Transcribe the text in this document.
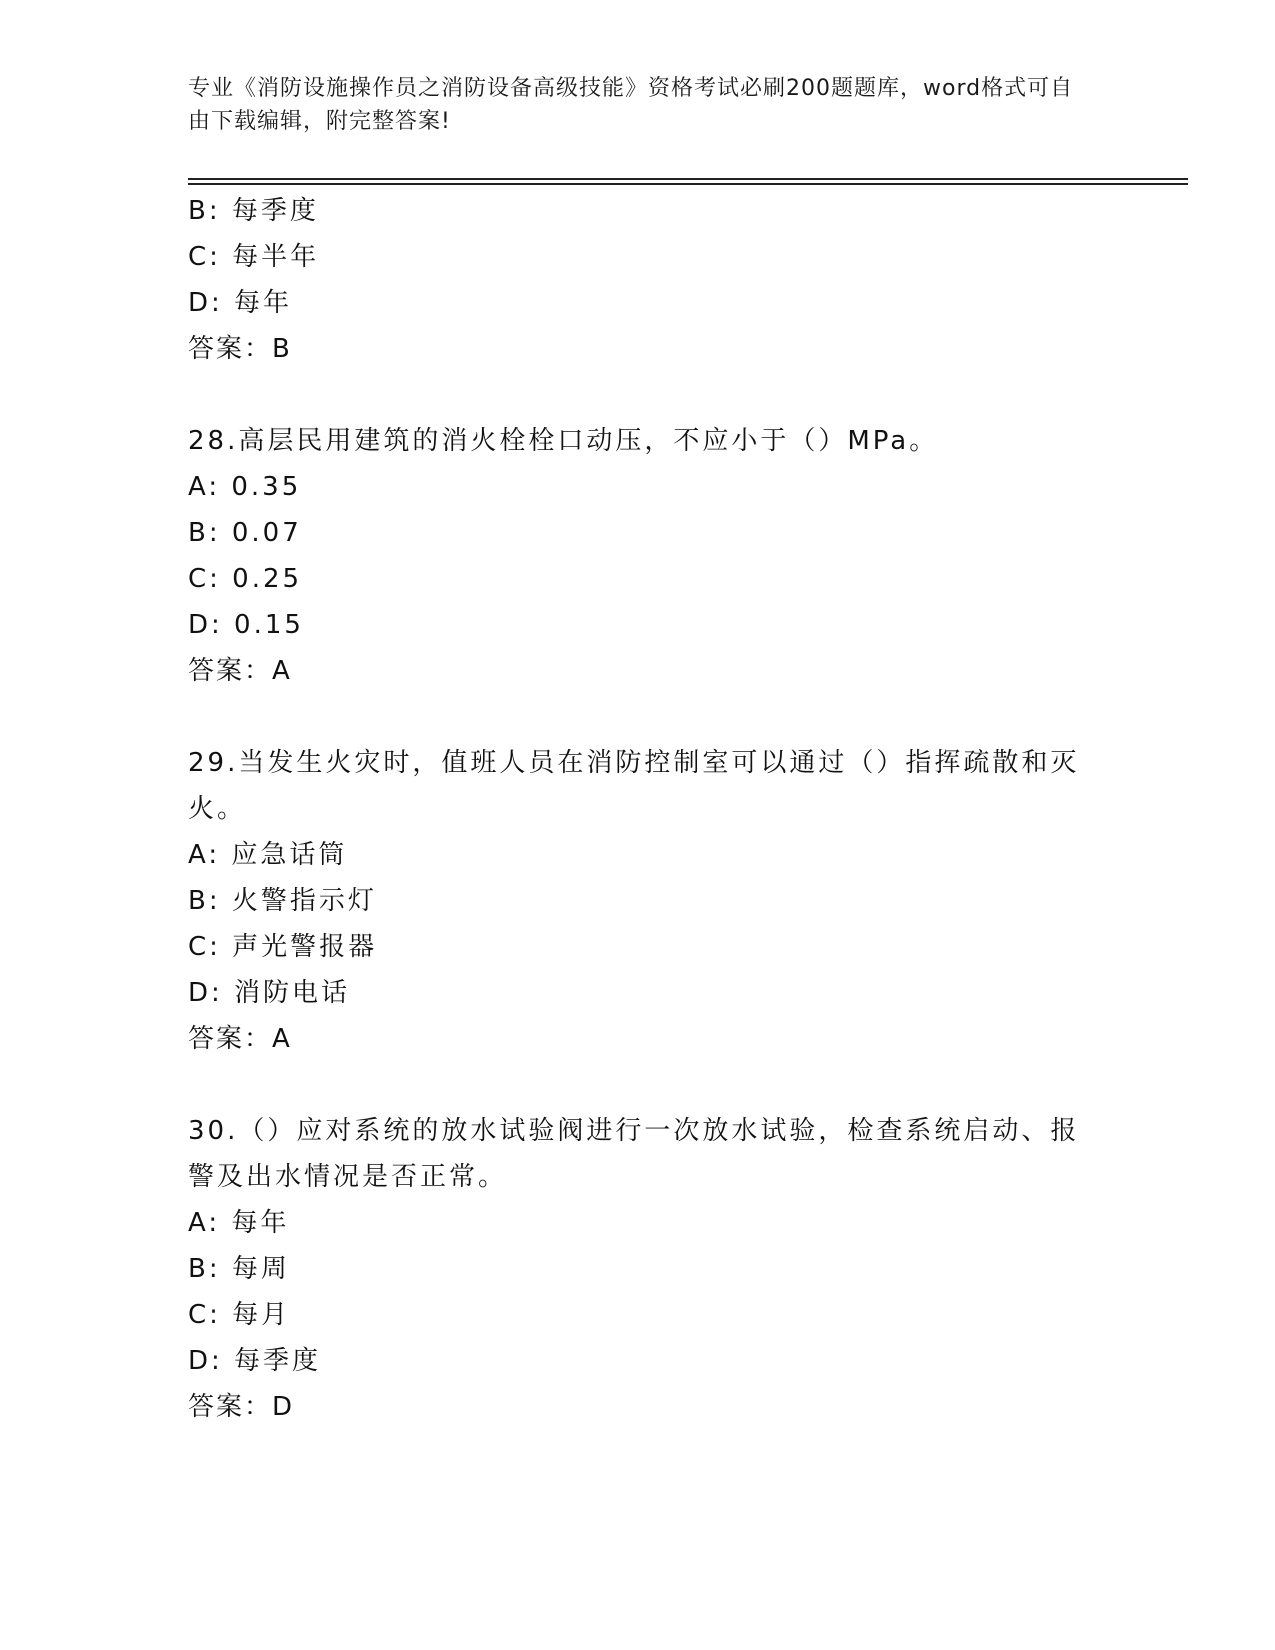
专业《消防设施操作员之消防设备高级技能》资格考试必刷200题题库，word格式可自由下载编辑，附完整答案!
B: 每季度
C: 每半年
D: 每年
答案：B
28.高层民用建筑的消火栓栓口动压，不应小于（）MPa。
A: 0.35
B: 0.07
C: 0.25
D: 0.15
答案：A
29.当发生火灾时，值班人员在消防控制室可以通过（）指挥疏散和灭火。
A: 应急话筒
B: 火警指示灯
C: 声光警报器
D: 消防电话
答案：A
30.（）应对系统的放水试验阀进行一次放水试验，检查系统启动、报警及出水情况是否正常。
A: 每年
B: 每周
C: 每月
D: 每季度
答案：D
